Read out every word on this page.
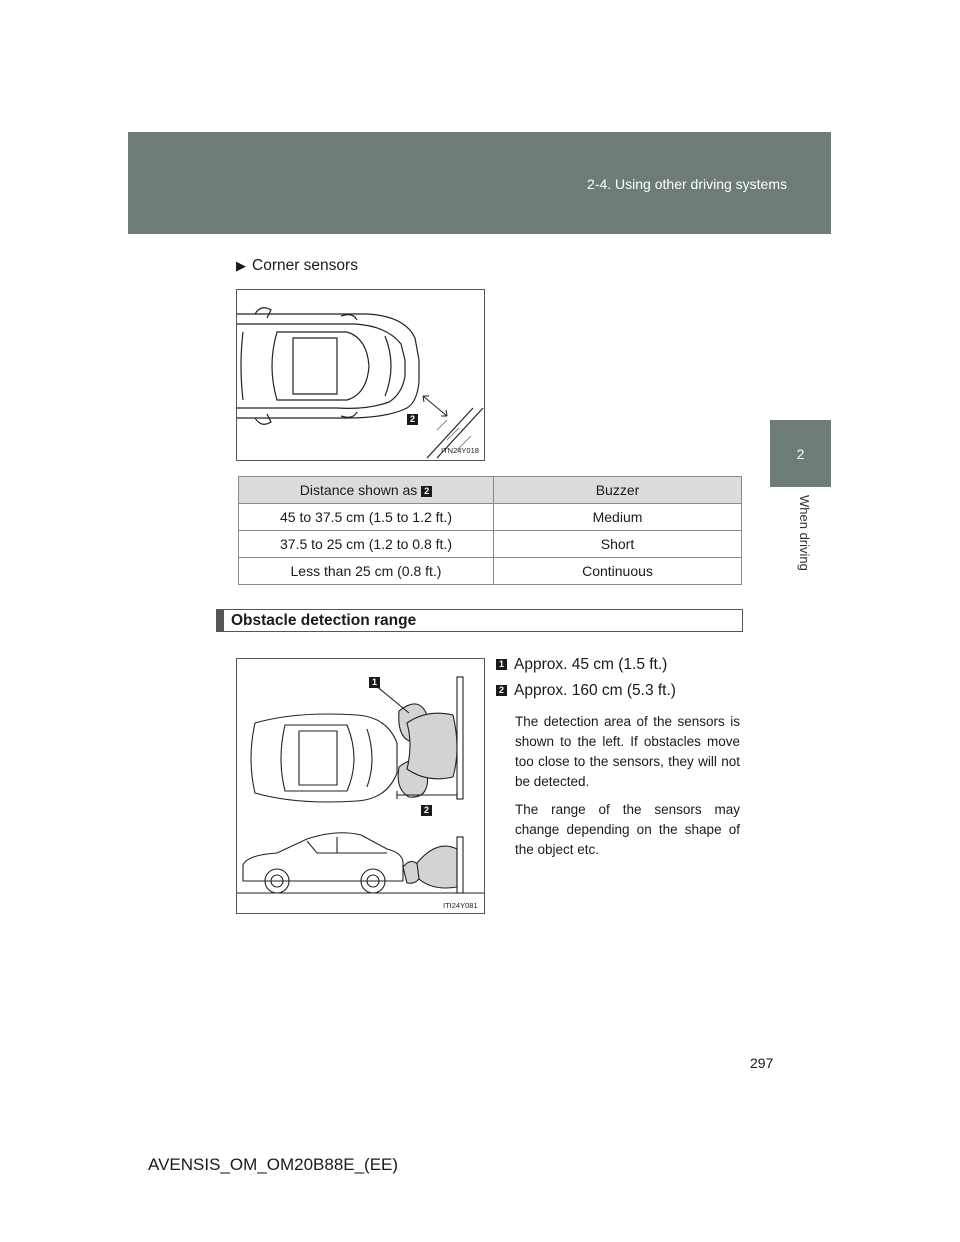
2-4. Using other driving systems
2
When driving
▶ Corner sensors
ITN24Y018
2
Distance shown as 2	Buzzer
45 to 37.5 cm (1.5 to 1.2 ft.)	Medium
37.5 to 25 cm (1.2 to 0.8 ft.)	Short
Less than 25 cm (0.8 ft.)	Continuous
Obstacle detection range
1
2
ITI24Y081
1 Approx. 45 cm (1.5 ft.)
2 Approx. 160 cm (5.3 ft.)
The detection area of the sensors is shown to the left. If obstacles move too close to the sensors, they will not be detected.
The range of the sensors may change depending on the shape of the object etc.
297
AVENSIS_OM_OM20B88E_(EE)
